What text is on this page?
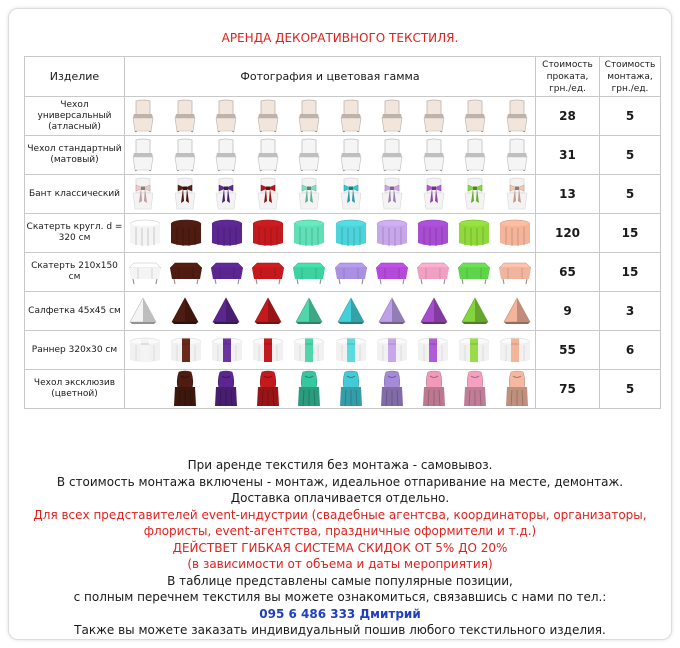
АРЕНДА ДЕКОРАТИВНОГО ТЕКСТИЛЯ.
Изделие	Фотография и цветовая гамма	Стоимость проката, грн./ед.	Стоимость монтажа, грн./ед.
Чехол универсальный (атласный)		28	5
Чехол стандартный (матовый)		31	5
Бант классический		13	5
Скатерть кругл. d = 320 см		120	15
Скатерть 210х150 см		65	15
Салфетка 45х45 см		9	3
Раннер 320х30 см		55	6
Чехол эксклюзив (цветной)		75	5
При аренде текстиля без монтажа - самовывоз.
В стоимость монтажа включены - монтаж, идеальное отпаривание на месте, демонтаж.
Доставка оплачивается отдельно.
Для всех представителей event-индустрии (свадебные агентсва, координаторы, организаторы,
флористы, event-агентства, праздничные оформители и т.д.)
ДЕЙСТВЕТ ГИБКАЯ СИСТЕМА СКИДОК ОТ 5% ДО 20%
(в зависимости от объема и даты мероприятия)
В таблице представлены самые популярные позиции,
с полным перечнем текстиля вы можете ознакомиться, связавшись с нами по тел.:
095 6 486 333 Дмитрий
Также вы можете заказать индивидуальный пошив любого текстильного изделия.
